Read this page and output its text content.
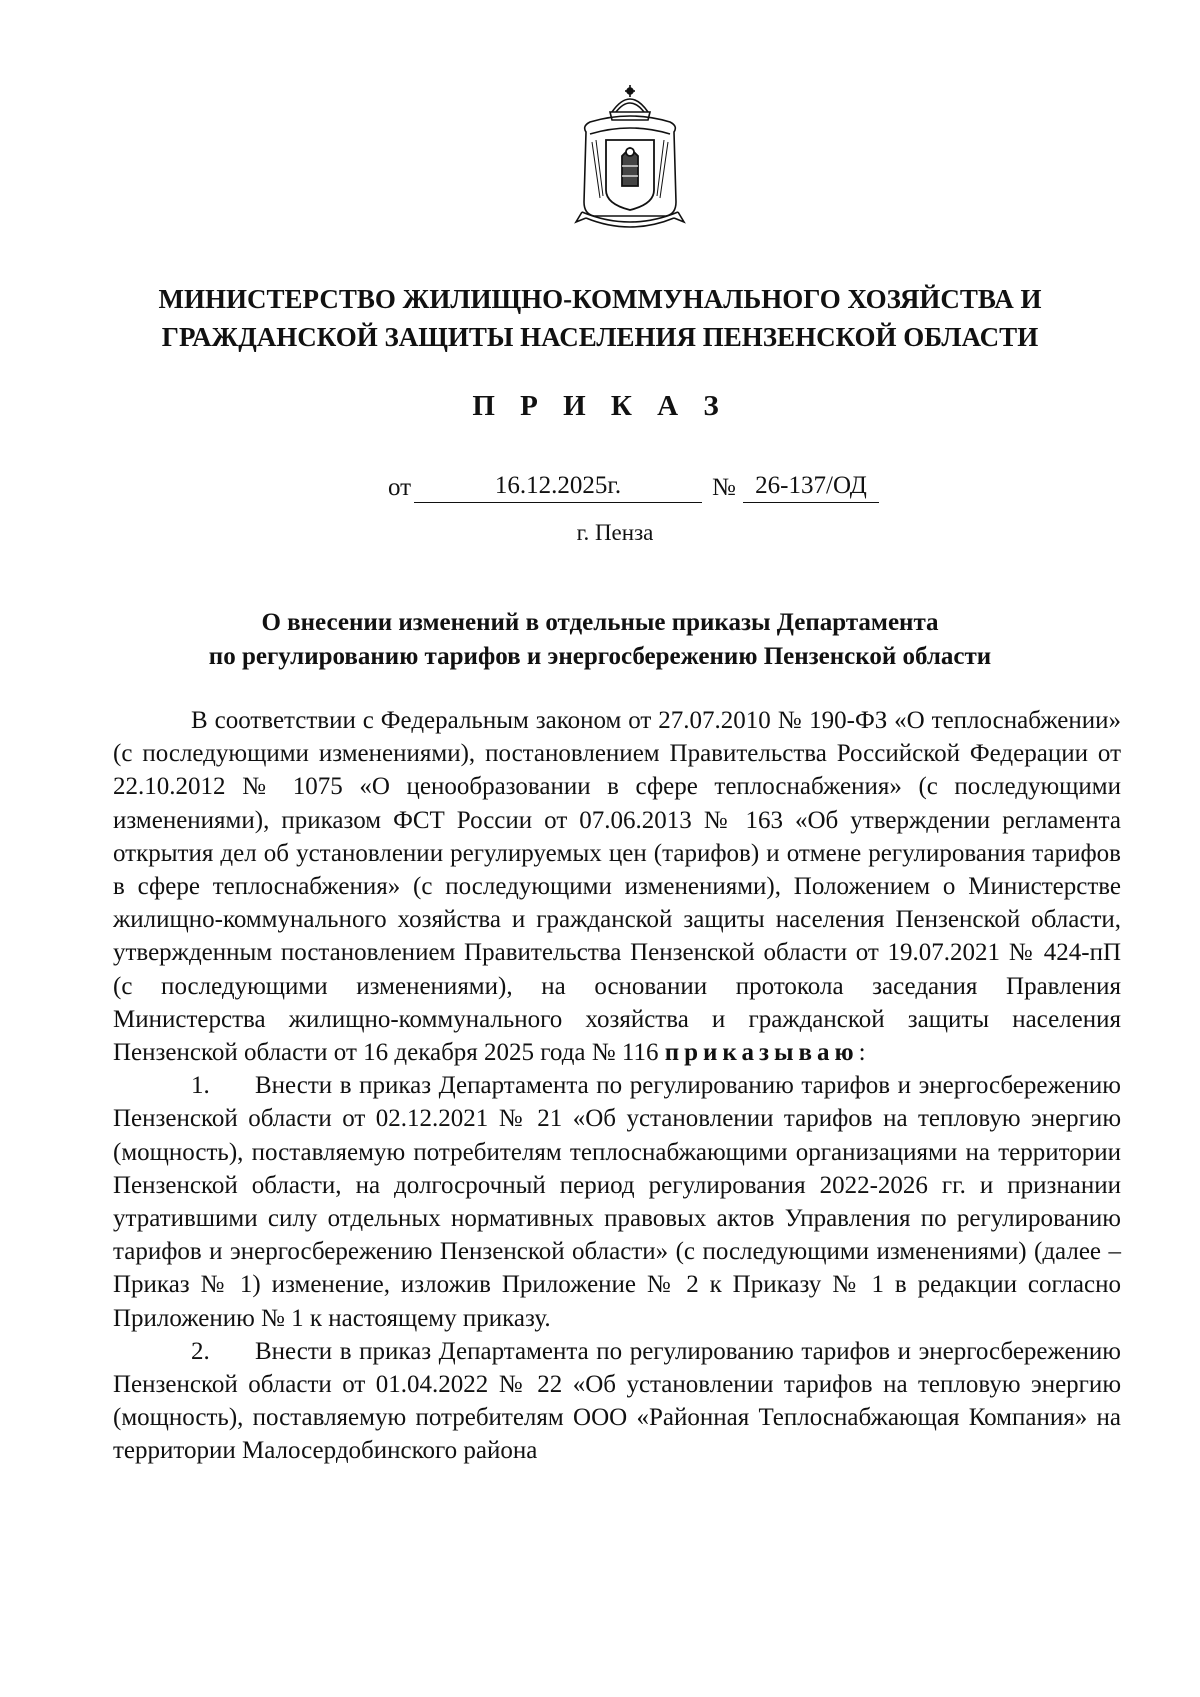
МИНИСТЕРСТВО ЖИЛИЩНО-КОММУНАЛЬНОГО ХОЗЯЙСТВА И
ГРАЖДАНСКОЙ ЗАЩИТЫ НАСЕЛЕНИЯ ПЕНЗЕНСКОЙ ОБЛАСТИ
П Р И К А З
от	16.12.2025г.	№ 26-137/ОД
г. Пенза
О внесении изменений в отдельные приказы Департамента
по регулированию тарифов и энергосбережению Пензенской области

В соответствии с Федеральным законом от 27.07.2010 № 190-ФЗ «О теплоснабжении» (с последующими изменениями), постановлением Правительства Российской Федерации от 22.10.2012 № 1075 «О ценообразовании в сфере теплоснабжения» (с последующими изменениями), приказом ФСТ России от 07.06.2013 № 163 «Об утверждении регламента открытия дел об установлении регулируемых цен (тарифов) и отмене регулирования тарифов в сфере теплоснабжения» (с последующими изменениями), Положением о Министерстве жилищно-коммунального хозяйства и гражданской защиты населения Пензенской области, утвержденным постановлением Правительства Пензенской области от 19.07.2021 № 424-пП (с последующими изменениями), на основании протокола заседания Правления Министерства жилищно-коммунального хозяйства и гражданской защиты населения Пензенской области от 16 декабря 2025 года № 116 приказываю:

1. Внести в приказ Департамента по регулированию тарифов и энергосбережению Пензенской области от 02.12.2021 № 21 «Об установлении тарифов на тепловую энергию (мощность), поставляемую потребителям теплоснабжающими организациями на территории Пензенской области, на долгосрочный период регулирования 2022-2026 гг. и признании утратившими силу отдельных нормативных правовых актов Управления по регулированию тарифов и энергосбережению Пензенской области» (с последующими изменениями) (далее – Приказ № 1) изменение, изложив Приложение № 2 к Приказу № 1 в редакции согласно Приложению № 1 к настоящему приказу.

2. Внести в приказ Департамента по регулированию тарифов и энергосбережению Пензенской области от 01.04.2022 № 22 «Об установлении тарифов на тепловую энергию (мощность), поставляемую потребителям ООО «Районная Теплоснабжающая Компания» на территории Малосердобинского района
